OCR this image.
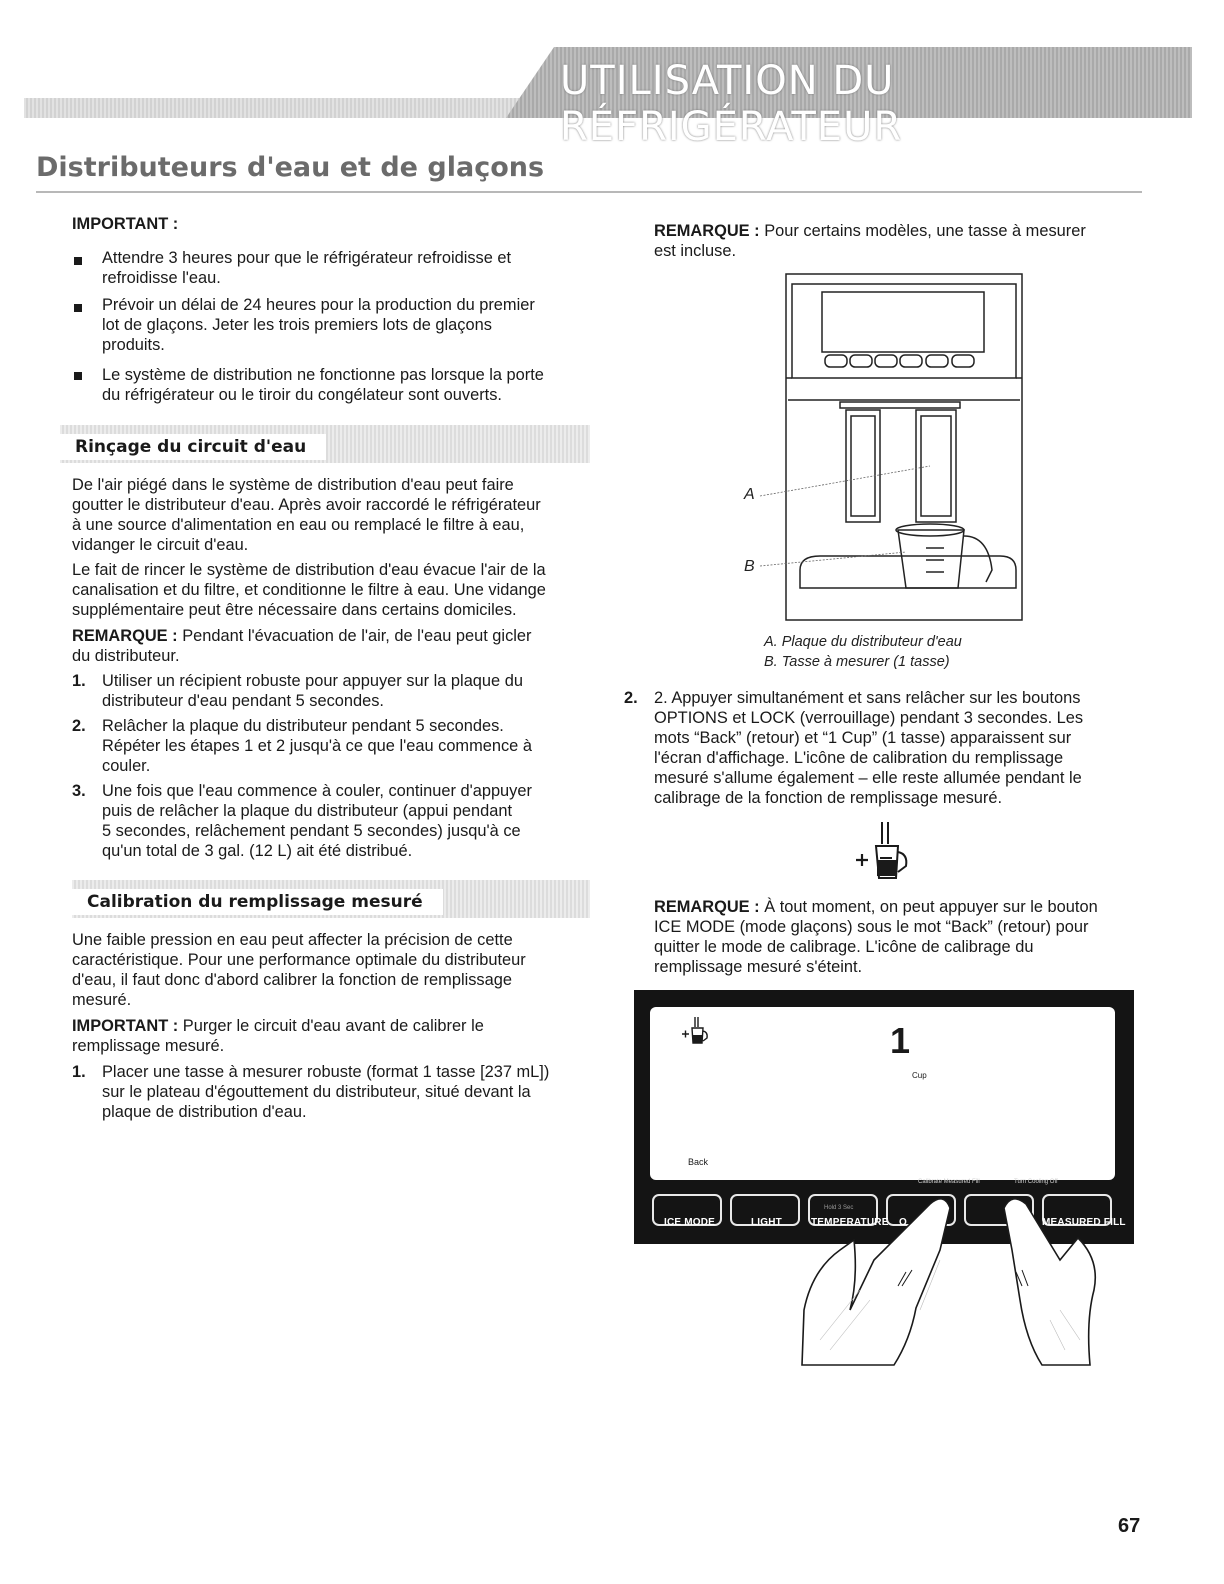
UTILISATION DU RÉFRIGÉRATEUR
Distributeurs d'eau et de glaçons
IMPORTANT :
Attendre 3 heures pour que le réfrigérateur refroidisse et
refroidisse l'eau.
Prévoir un délai de 24 heures pour la production du premier
lot de glaçons. Jeter les trois premiers lots de glaçons
produits.
Le système de distribution ne fonctionne pas lorsque la porte
du réfrigérateur ou le tiroir du congélateur sont ouverts.
Rinçage du circuit d'eau
De l'air piégé dans le système de distribution d'eau peut faire
goutter le distributeur d'eau. Après avoir raccordé le réfrigérateur
à une source d'alimentation en eau ou remplacé le filtre à eau,
vidanger le circuit d'eau.
Le fait de rincer le système de distribution d'eau évacue l'air de la
canalisation et du filtre, et conditionne le filtre à eau. Une vidange
supplémentaire peut être nécessaire dans certains domiciles.
REMARQUE : Pendant l'évacuation de l'air, de l'eau peut gicler
du distributeur.
1. Utiliser un récipient robuste pour appuyer sur la plaque du
distributeur d'eau pendant 5 secondes.
2. Relâcher la plaque du distributeur pendant 5 secondes.
Répéter les étapes 1 et 2 jusqu'à ce que l'eau commence à
couler.
3. Une fois que l'eau commence à couler, continuer d'appuyer
puis de relâcher la plaque du distributeur (appui pendant
5 secondes, relâchement pendant 5 secondes) jusqu'à ce
qu'un total de 3 gal. (12 L) ait été distribué.
Calibration du remplissage mesuré
Une faible pression en eau peut affecter la précision de cette
caractéristique. Pour une performance optimale du distributeur
d'eau, il faut donc d'abord calibrer la fonction de remplissage
mesuré.
IMPORTANT : Purger le circuit d'eau avant de calibrer le
remplissage mesuré.
1. Placer une tasse à mesurer robuste (format 1 tasse [237 mL])
sur le plateau d'égouttement du distributeur, situé devant la
plaque de distribution d'eau.
REMARQUE : Pour certains modèles, une tasse à mesurer
est incluse.
A
B
A. Plaque du distributeur d'eau
B. Tasse à mesurer (1 tasse)
2. 2. Appuyer simultanément et sans relâcher sur les boutons
OPTIONS et LOCK (verrouillage) pendant 3 secondes. Les
mots “Back” (retour) et “1 Cup” (1 tasse) apparaissent sur
l'écran d'affichage. L'icône de calibration du remplissage
mesuré s'allume également – elle reste allumée pendant le
calibrage de la fonction de remplissage mesuré.
REMARQUE : À tout moment, on peut appuyer sur le bouton
ICE MODE (mode glaçons) sous le mot “Back” (retour) pour
quitter le mode de calibrage. L'icône de calibrage du
remplissage mesuré s'éteint.
1
Cup
Back
Calibrate Measured Fill	Turn Cooling Off
Hold 3 Sec
ICE MODE	LIGHT	TEMPERATURE O	MEASURED FILL
67
